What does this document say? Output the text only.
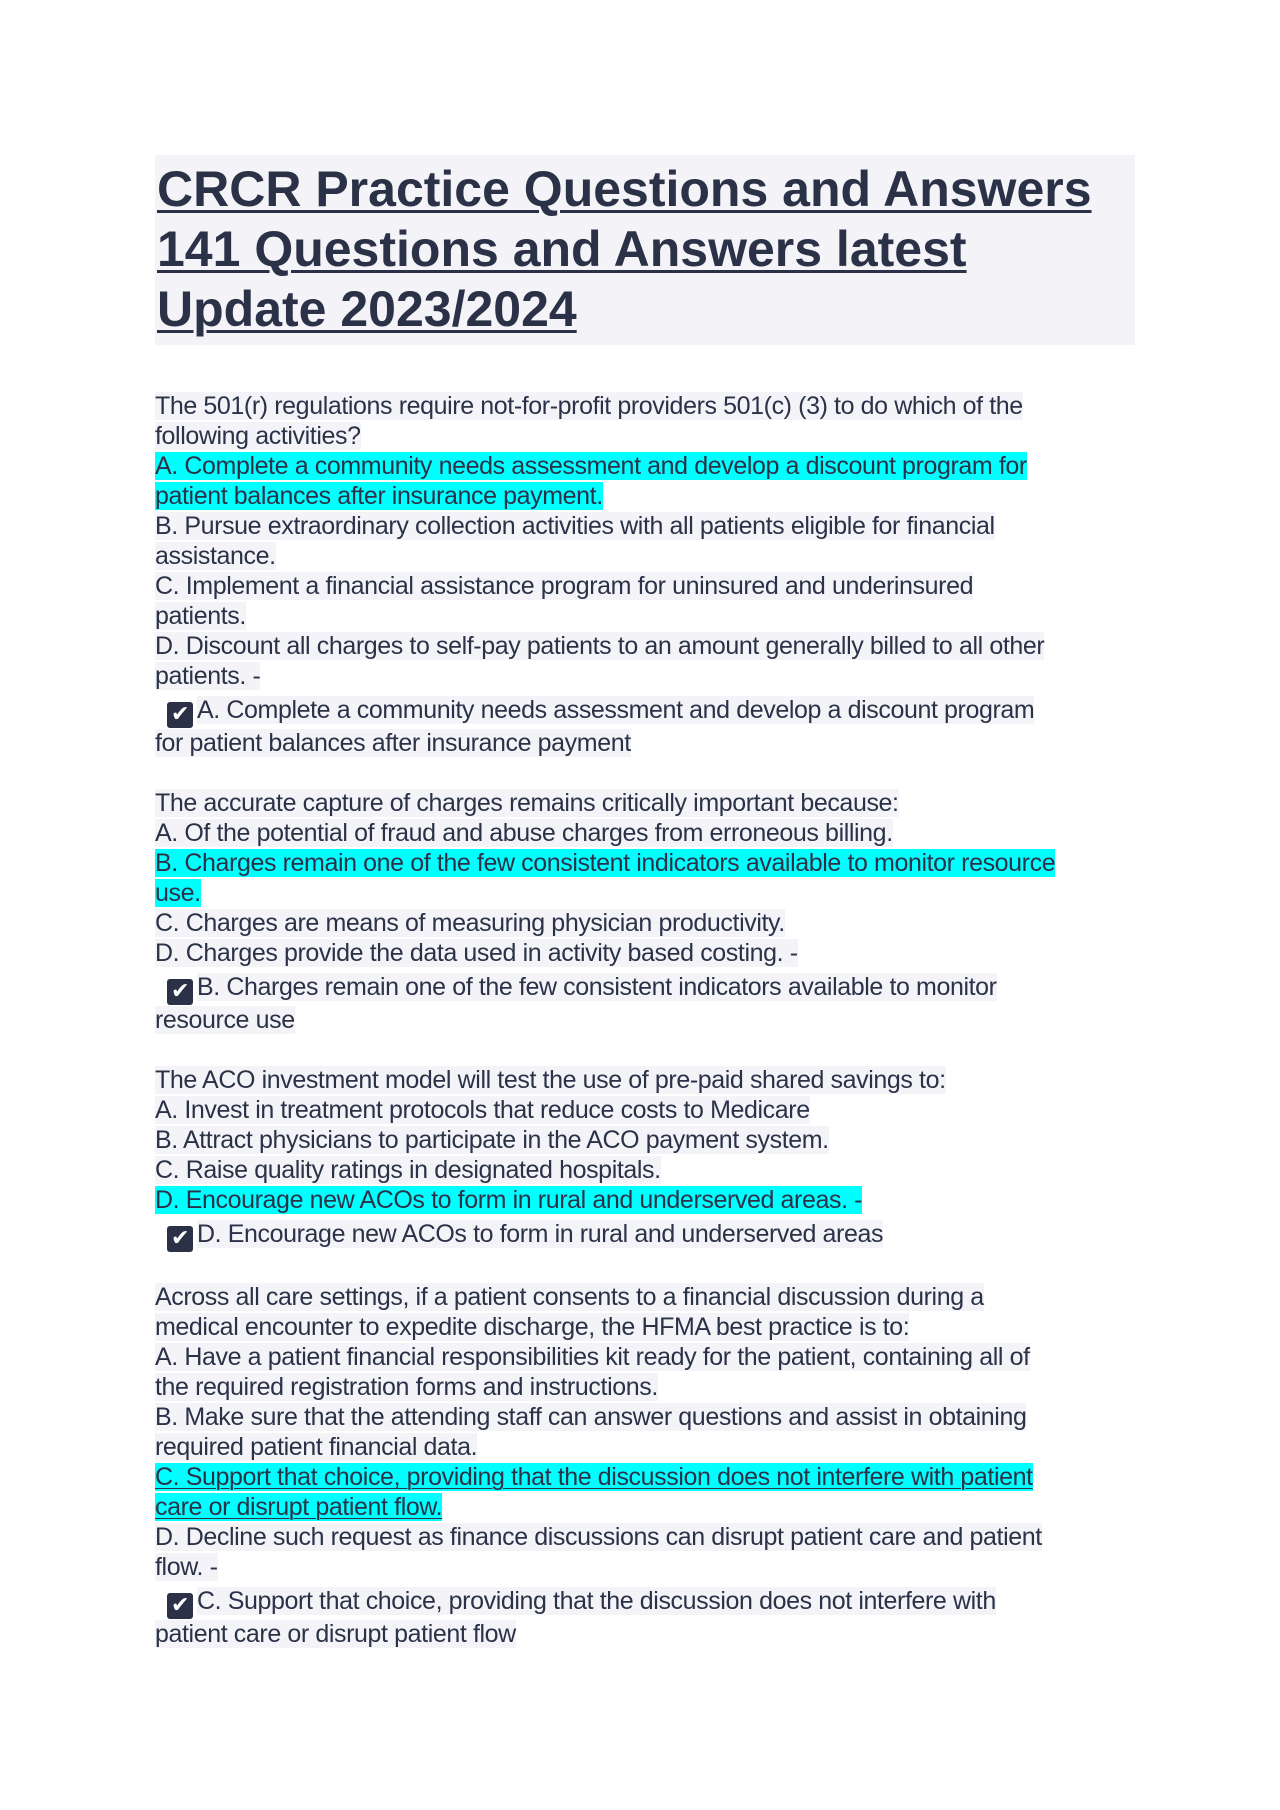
CRCR Practice Questions and Answers
141 Questions and Answers latest
Update 2023/2024
The 501(r) regulations require not-for-profit providers 501(c) (3) to do which of the
following activities?
A. Complete a community needs assessment and develop a discount program for
patient balances after insurance payment.
B. Pursue extraordinary collection activities with all patients eligible for financial
assistance.
C. Implement a financial assistance program for uninsured and underinsured
patients.
D. Discount all charges to self-pay patients to an amount generally billed to all other
patients. -
✔ A. Complete a community needs assessment and develop a discount program
for patient balances after insurance payment
The accurate capture of charges remains critically important because:
A. Of the potential of fraud and abuse charges from erroneous billing.
B. Charges remain one of the few consistent indicators available to monitor resource
use.
C. Charges are means of measuring physician productivity.
D. Charges provide the data used in activity based costing. -
✔ B. Charges remain one of the few consistent indicators available to monitor
resource use
The ACO investment model will test the use of pre-paid shared savings to:
A. Invest in treatment protocols that reduce costs to Medicare
B. Attract physicians to participate in the ACO payment system.
C. Raise quality ratings in designated hospitals.
D. Encourage new ACOs to form in rural and underserved areas. -
✔ D. Encourage new ACOs to form in rural and underserved areas
Across all care settings, if a patient consents to a financial discussion during a
medical encounter to expedite discharge, the HFMA best practice is to:
A. Have a patient financial responsibilities kit ready for the patient, containing all of
the required registration forms and instructions.
B. Make sure that the attending staff can answer questions and assist in obtaining
required patient financial data.
C. Support that choice, providing that the discussion does not interfere with patient
care or disrupt patient flow.
D. Decline such request as finance discussions can disrupt patient care and patient
flow. -
✔ C. Support that choice, providing that the discussion does not interfere with
patient care or disrupt patient flow
